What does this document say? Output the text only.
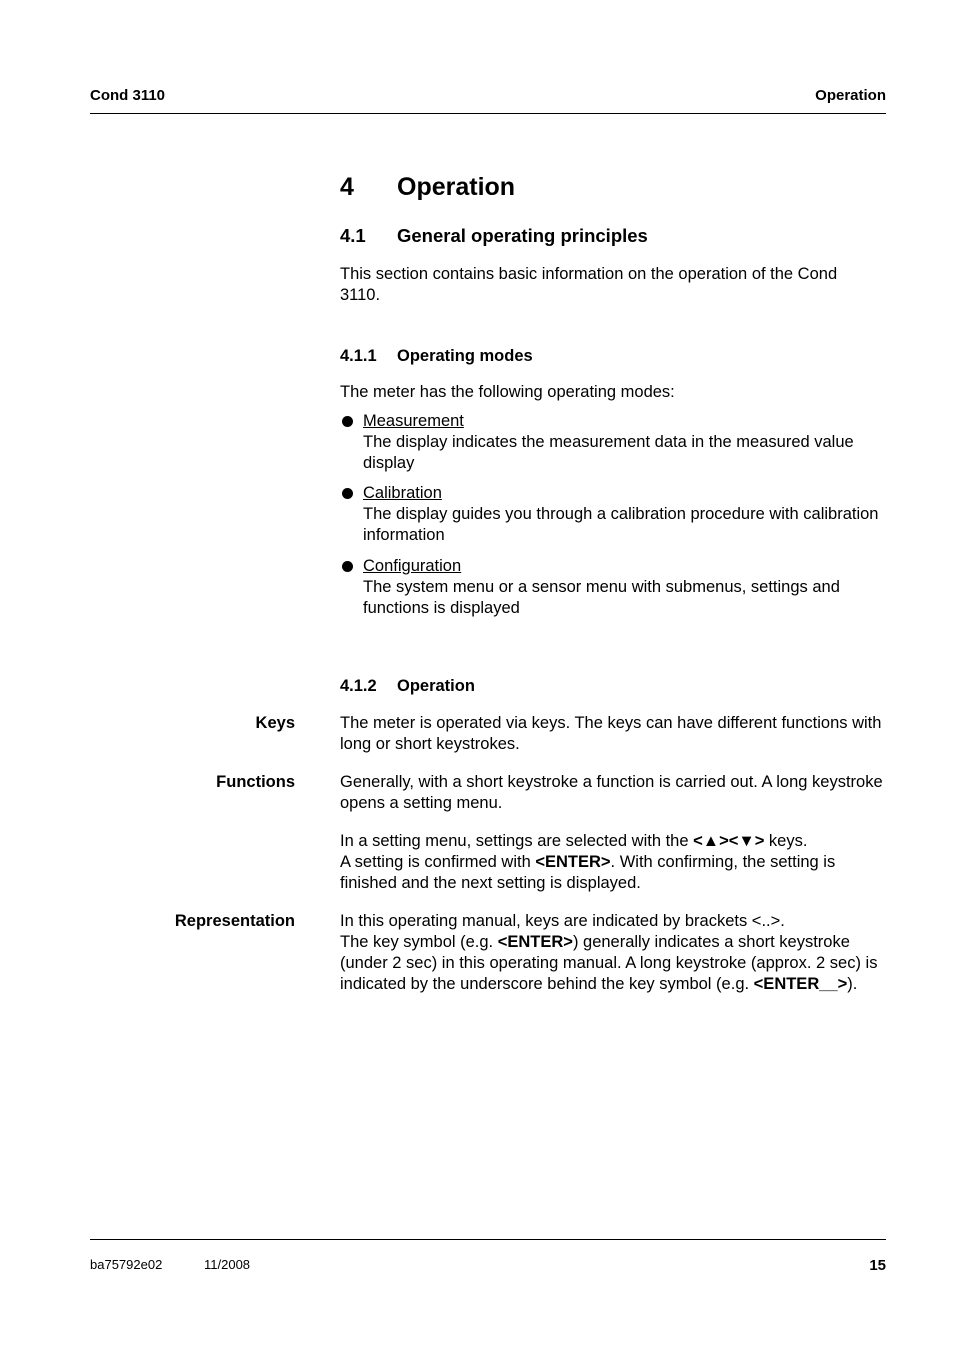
Cond 3110	Operation
4 Operation
4.1 General operating principles
This section contains basic information on the operation of the Cond 3110.
4.1.1 Operating modes
The meter has the following operating modes:
Measurement
The display indicates the measurement data in the measured value display
Calibration
The display guides you through a calibration procedure with calibration information
Configuration
The system menu or a sensor menu with submenus, settings and functions is displayed
4.1.2 Operation
Keys	The meter is operated via keys. The keys can have different functions with long or short keystrokes.
Functions	Generally, with a short keystroke a function is carried out. A long keystroke opens a setting menu.
In a setting menu, settings are selected with the <▲><▼> keys.
A setting is confirmed with <ENTER>. With confirming, the setting is finished and the next setting is displayed.
Representation	In this operating manual, keys are indicated by brackets <..>.
The key symbol (e.g. <ENTER>) generally indicates a short keystroke (under 2 sec) in this operating manual. A long keystroke (approx. 2 sec) is indicated by the underscore behind the key symbol (e.g. <ENTER__>).
ba75792e02	11/2008	15
